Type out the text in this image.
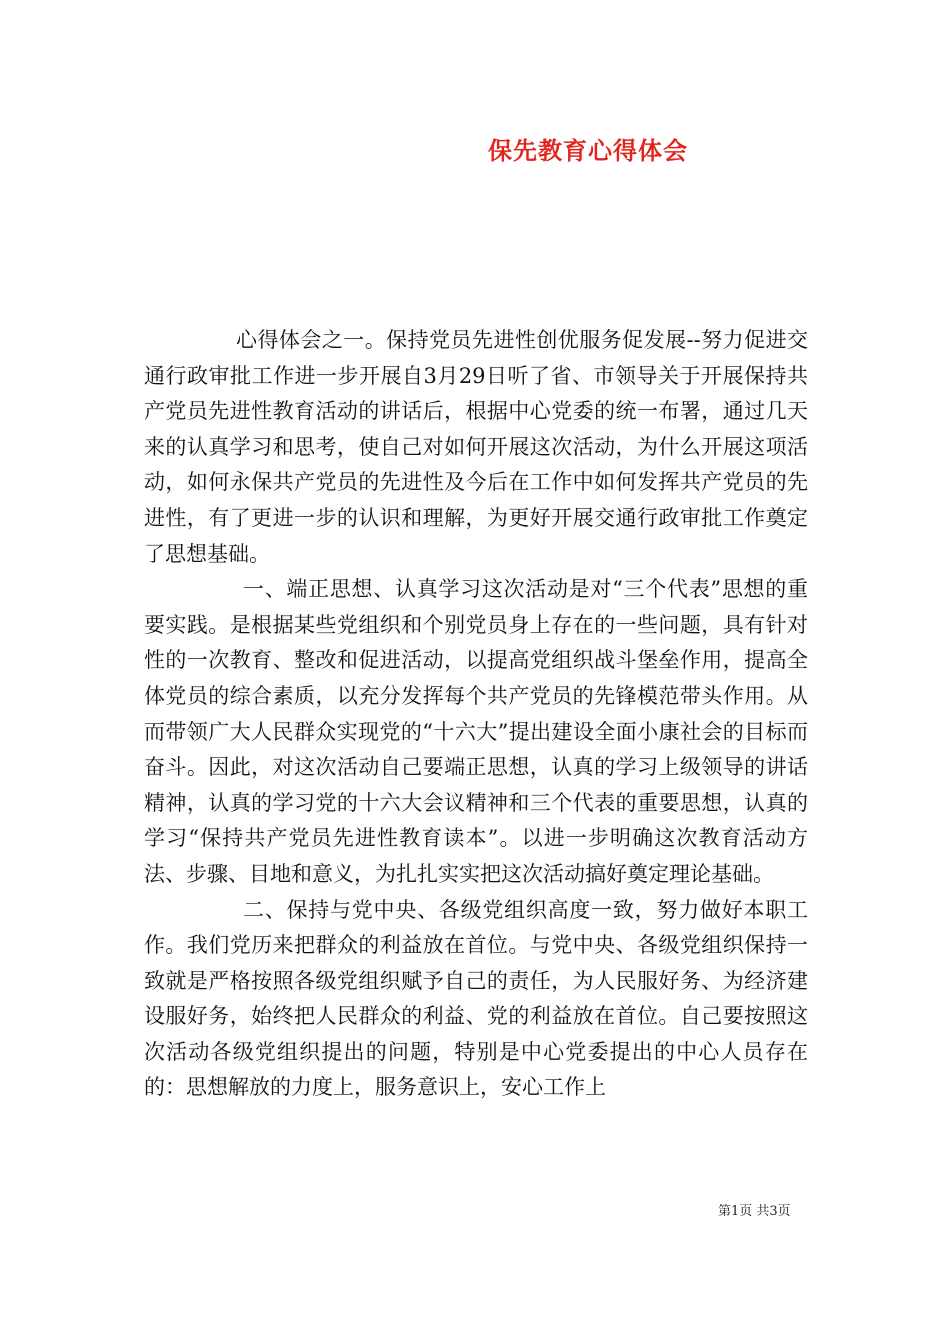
保先教育心得体会

心得体会之一。保持党员先进性创优服务促发展--努力促进交通行政审批工作进一步开展自3月29日听了省、市领导关于开展保持共产党员先进性教育活动的讲话后，根据中心党委的统一布署，通过几天来的认真学习和思考，使自己对如何开展这次活动，为什么开展这项活动，如何永保共产党员的先进性及今后在工作中如何发挥共产党员的先进性，有了更进一步的认识和理解，为更好开展交通行政审批工作奠定了思想基础。

一、端正思想、认真学习这次活动是对“三个代表”思想的重要实践。是根据某些党组织和个别党员身上存在的一些问题，具有针对性的一次教育、整改和促进活动，以提高党组织战斗堡垒作用，提高全体党员的综合素质，以充分发挥每个共产党员的先锋模范带头作用。从而带领广大人民群众实现党的“十六大”提出建设全面小康社会的目标而奋斗。因此，对这次活动自己要端正思想，认真的学习上级领导的讲话精神，认真的学习党的十六大会议精神和三个代表的重要思想，认真的学习“保持共产党员先进性教育读本”。以进一步明确这次教育活动方法、步骤、目地和意义，为扎扎实实把这次活动搞好奠定理论基础。

二、保持与党中央、各级党组织高度一致，努力做好本职工作。我们党历来把群众的利益放在首位。与党中央、各级党组织保持一致就是严格按照各级党组织赋予自己的责任，为人民服好务、为经济建设服好务，始终把人民群众的利益、党的利益放在首位。自己要按照这次活动各级党组织提出的问题，特别是中心党委提出的中心人员存在的：思想解放的力度上，服务意识上，安心工作上

第1页 共3页
